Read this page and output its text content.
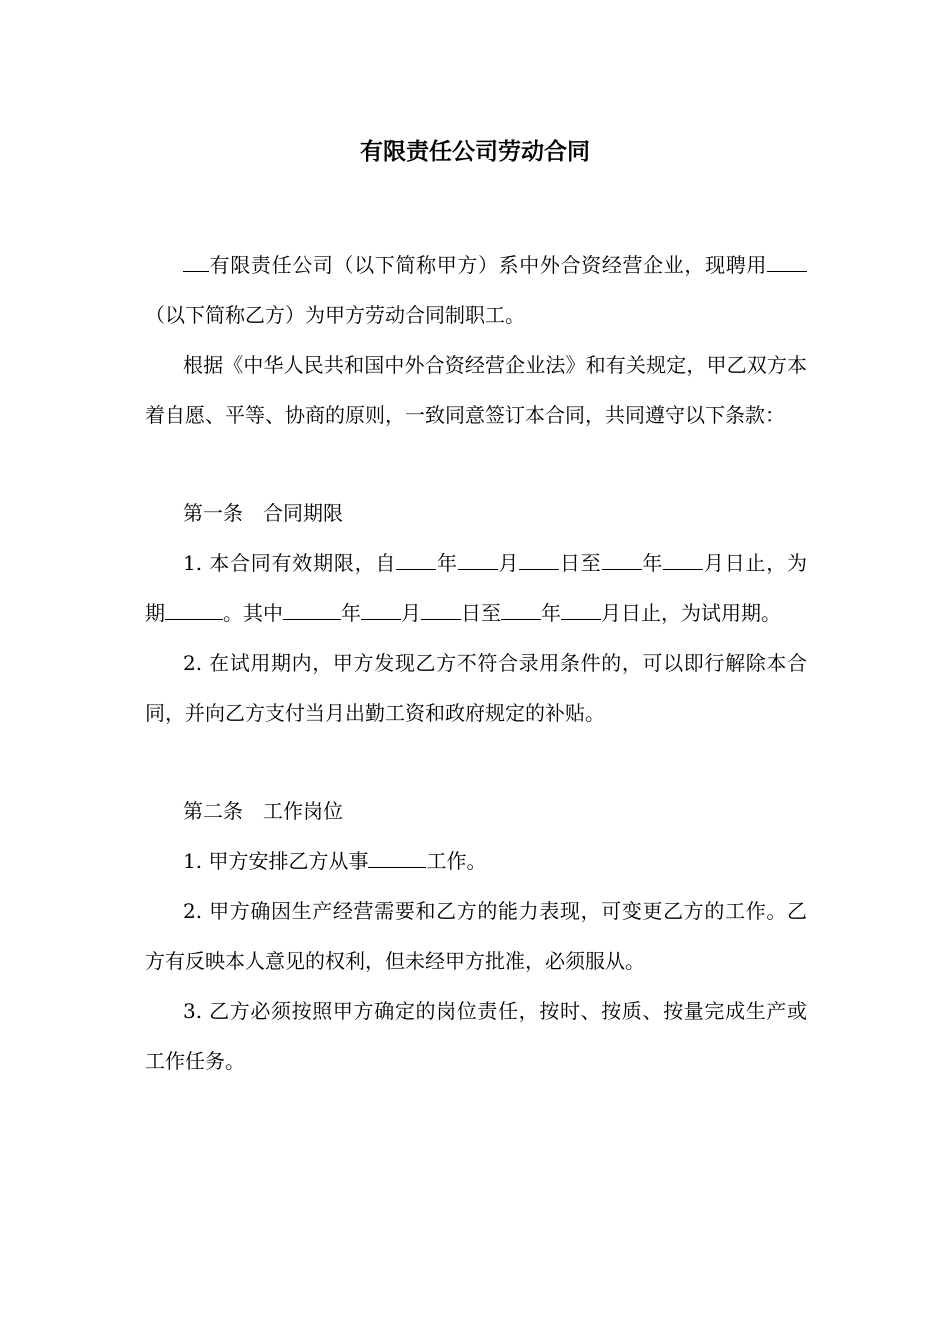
有限责任公司劳动合同

有限责任公司（以下简称甲方）系中外合资经营企业，现聘用（以下简称乙方）为甲方劳动合同制职工。

根据《中华人民共和国中外合资经营企业法》和有关规定，甲乙双方本着自愿、平等、协商的原则，一致同意签订本合同，共同遵守以下条款：

第一条　合同期限

1. 本合同有效期限，自 年 月 日至 年 月日止，为期	。其中	年 月 日至 年 月日止，为试用期。

2. 在试用期内，甲方发现乙方不符合录用条件的，可以即行解除本合同，并向乙方支付当月出勤工资和政府规定的补贴。

第二条　工作岗位

1. 甲方安排乙方从事	工作。

2. 甲方确因生产经营需要和乙方的能力表现，可变更乙方的工作。乙方有反映本人意见的权利，但未经甲方批准，必须服从。

3. 乙方必须按照甲方确定的岗位责任，按时、按质、按量完成生产或工作任务。
